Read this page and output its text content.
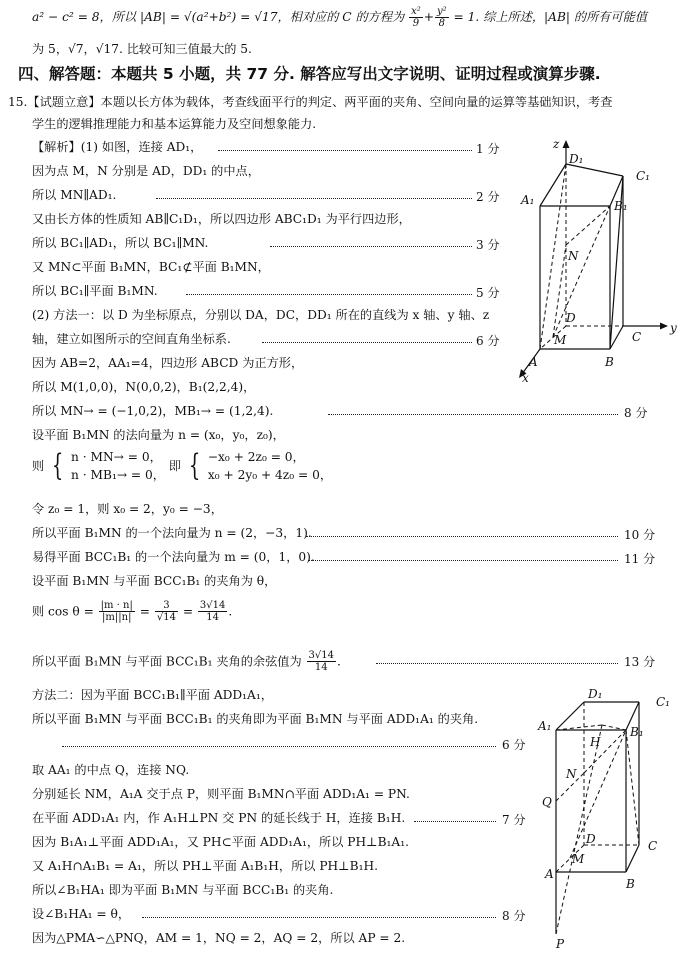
a² − c² = 8，所以 |AB| = √(a²+b²) = √17，相对应的 C 的方程为 $\frac{\text{x²}}{9} + \frac{\text{y²}}{8} = 1$. 综上所述，|AB| 的所有可能值
为 5，√7，√17. 比较可知三值最大的 5.
四、解答题：本题共 5 小题，共 77 分. 解答应写出文字说明、证明过程或演算步骤.
15.【试题立意】本题以长方体为载体，考查线面平行的判定、两平面的夹角、空间向量的运算等基础知识，考查
学生的逻辑推理能力和基本运算能力及空间想象能力.
【解析】(1) 如图，连接 AD₁，	1 分
因为点 M，N 分别是 AD，DD₁ 的中点，
所以 MN∥AD₁.	2 分
又由长方体的性质知 AB∥C₁D₁，所以四边形 ABC₁D₁ 为平行四边形，
所以 BC₁∥AD₁，所以 BC₁∥MN.	3 分
又 MN⊂平面 B₁MN，BC₁⊄平面 B₁MN，
所以 BC₁∥平面 B₁MN.	5 分
(2) 方法一：以 D 为坐标原点，分别以 DA，DC，DD₁ 所在的直线为 x 轴、y 轴、z
轴，建立如图所示的空间直角坐标系.	6 分
因为 AB=2，AA₁=4，四边形 ABCD 为正方形，
所以 M(1,0,0)，N(0,0,2)，B₁(2,2,4)，
所以 MN→ = (−1,0,2)，MB₁→ = (1,2,4).	8 分
设平面 B₁MN 的法向量为 n = (x₀，y₀，z₀)，
则 { n · MN→ = 0，
n · MB₁→ = 0，
即 { −x₀ + 2z₀ = 0，
x₀ + 2y₀ + 4z₀ = 0，
令 z₀ = 1，则 x₀ = 2，y₀ = −3，
所以平面 B₁MN 的一个法向量为 n = (2，−3，1).	10 分
易得平面 BCC₁B₁ 的一个法向量为 m = (0，1，0).	11 分
设平面 B₁MN 与平面 BCC₁B₁ 的夹角为 θ，
则 $\cos \theta = \frac{|m \cdot n|}{|m||n|} = \frac{3}{√14} = \frac{3√14}{14}$ .
所以平面 B₁MN 与平面 BCC₁B₁ 夹角的余弦值为 $\frac{3√14}{14}$ .	13 分
方法二：因为平面 BCC₁B₁∥平面 ADD₁A₁，
所以平面 B₁MN 与平面 BCC₁B₁ 的夹角即为平面 B₁MN 与平面 ADD₁A₁ 的夹角.
6 分
取 AA₁ 的中点 Q，连接 NQ.
分别延长 NM，A₁A 交于点 P，则平面 B₁MN∩平面 ADD₁A₁ = PN.
在平面 ADD₁A₁ 内，作 A₁H⊥PN 交 PN 的延长线于 H，连接 B₁H.	7 分
因为 B₁A₁⊥平面 ADD₁A₁，又 PH⊂平面 ADD₁A₁，所以 PH⊥B₁A₁.
又 A₁H∩A₁B₁ = A₁，所以 PH⊥平面 A₁B₁H，所以 PH⊥B₁H.
所以∠B₁HA₁ 即为平面 B₁MN 与平面 BCC₁B₁ 的夹角.
设∠B₁HA₁ = θ，	8 分
因为△PMA∽△PNQ，AM = 1，NQ = 2，AQ = 2，所以 AP = 2.
z
D₁
C₁
A₁	B₁
N
D
M	C
y
A	B
x
D₁
C₁
A₁
H
B₁
N
Q
D
M
C
A
B
P
